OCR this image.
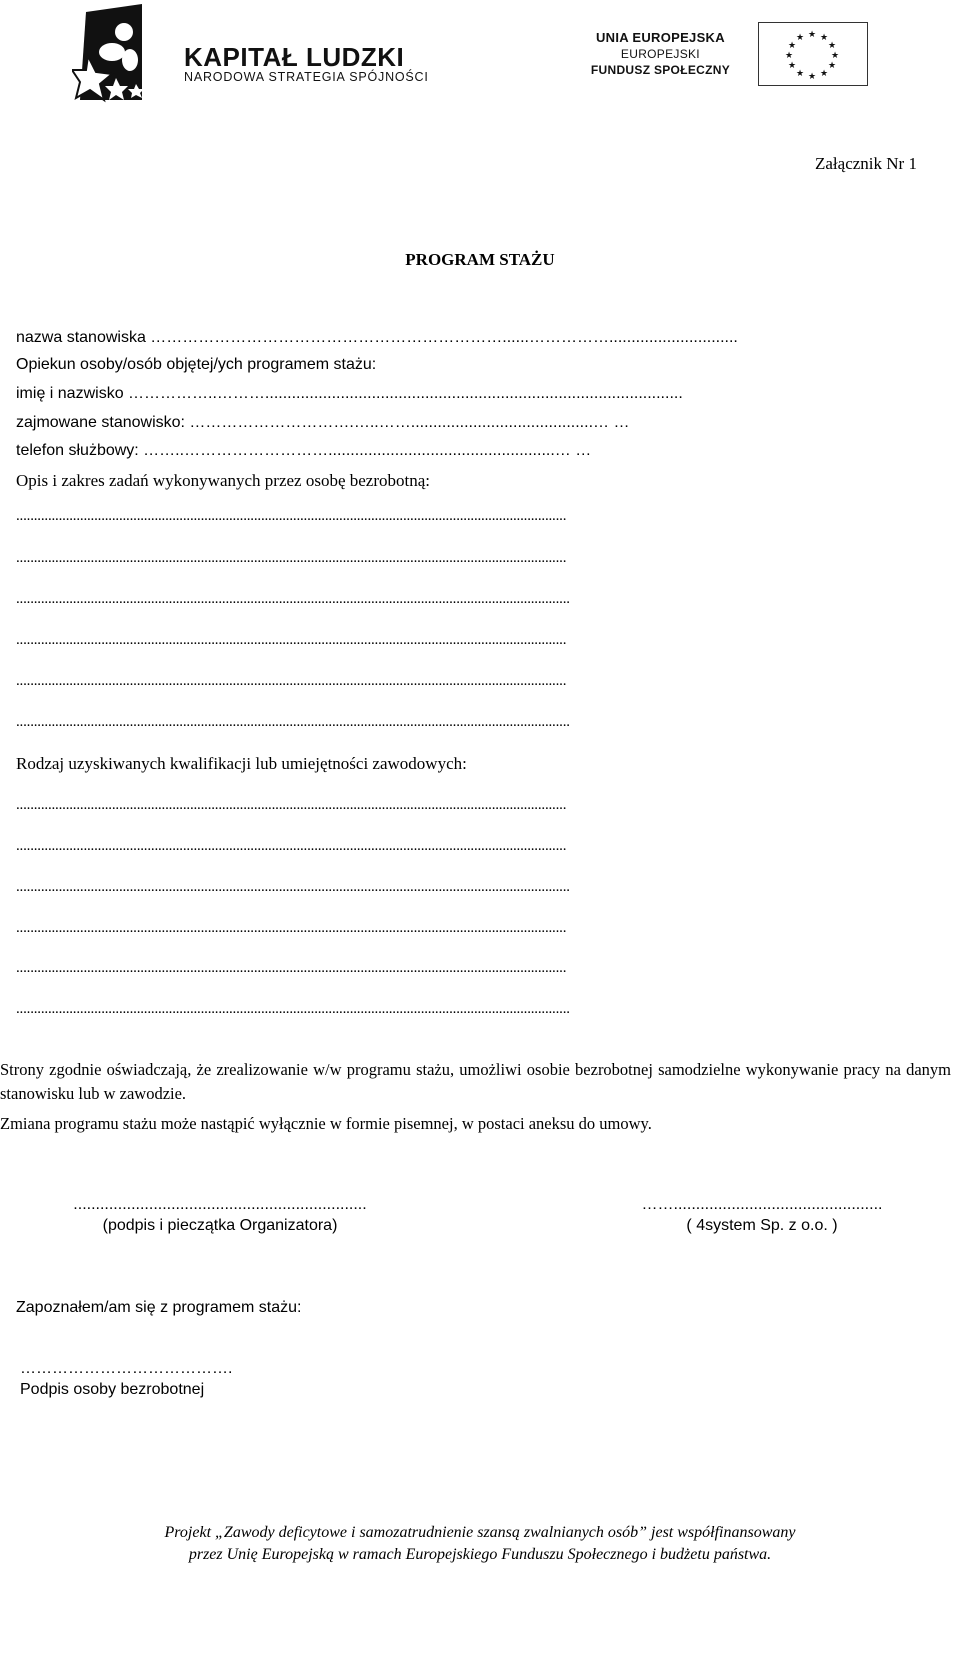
KAPITAŁ LUDZKI
NARODOWA STRATEGIA SPÓJNOŚCI
UNIA EUROPEJSKA
EUROPEJSKI
FUNDUSZ SPOŁECZNY
★ ★
★
★
★
★
★
★
★
★
★
★
Załącznik Nr 1
PROGRAM STAŻU
nazwa stanowiska …………………………………………………………......…………….............................
Opiekun osoby/osób objętej/ych programem stażu:
imię i nazwisko ……………..………..............................................................................................
zajmowane stanowisko: ………………………….…..…….........................................… …
telefon służbowy: ……..………………………...................................................… …
Opis i zakres zadań wykonywanych przez osobę bezrobotną:
...........................................................................................................................................................
...........................................................................................................................................................
............................................................................................................................................................
...........................................................................................................................................................
...........................................................................................................................................................
............................................................................................................................................................
Rodzaj uzyskiwanych kwalifikacji lub umiejętności zawodowych:
...........................................................................................................................................................
...........................................................................................................................................................
............................................................................................................................................................
...........................................................................................................................................................
...........................................................................................................................................................
............................................................................................................................................................
Strony zgodnie oświadczają, że zrealizowanie w/w programu stażu, umożliwi osobie bezrobotnej samodzielne wykonywanie pracy na danym stanowisku lub w zawodzie.
Zmiana programu stażu może nastąpić wyłącznie w formie pisemnej, w postaci aneksu do umowy.
..................................................................
(podpis i pieczątka Organizatora)
……...............................................
( 4system Sp. z o.o. )
Zapoznałem/am się z programem stażu:
………………………………….
Podpis osoby bezrobotnej
Projekt „Zawody deficytowe i samozatrudnienie szansą zwalnianych osób” jest współfinansowany
przez Unię Europejską w ramach Europejskiego Funduszu Społecznego i budżetu państwa.
